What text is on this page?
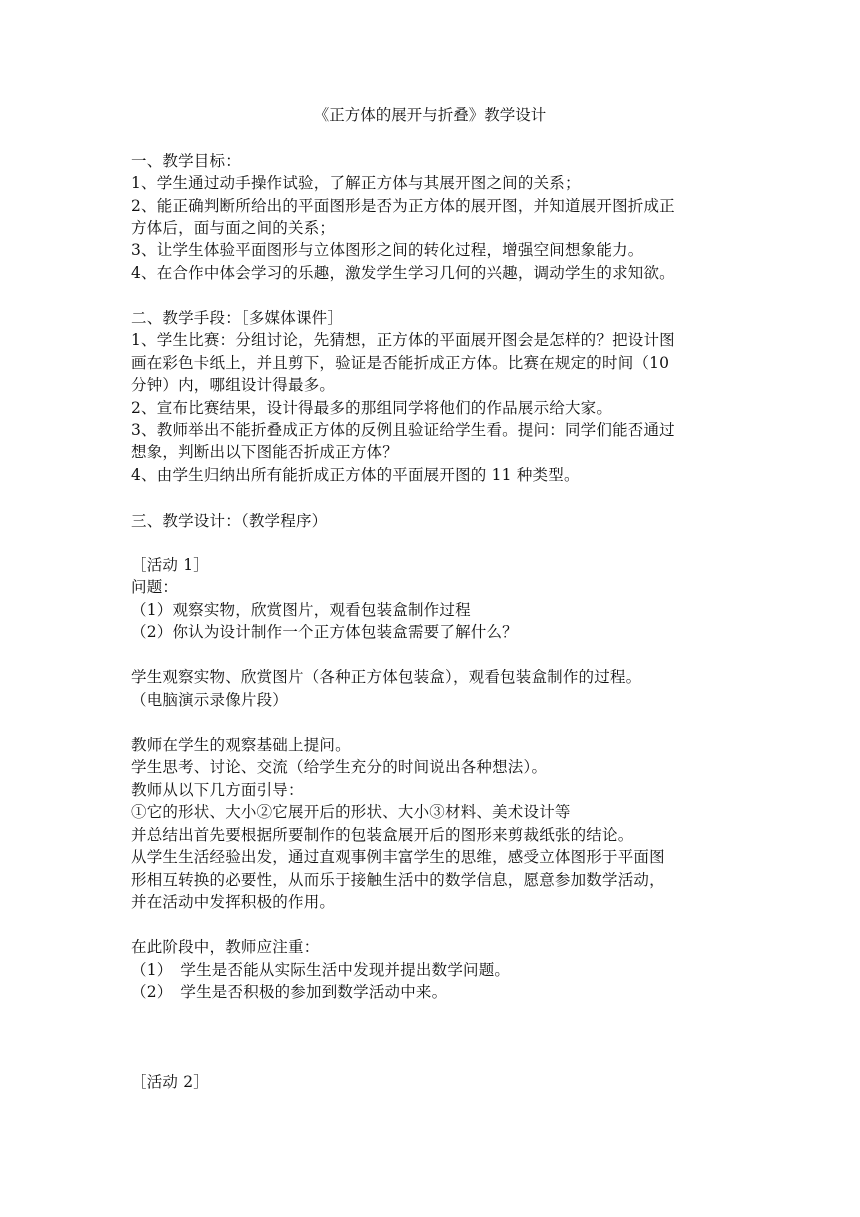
《正方体的展开与折叠》教学设计
一、教学目标：
1、学生通过动手操作试验，了解正方体与其展开图之间的关系；
2、能正确判断所给出的平面图形是否为正方体的展开图，并知道展开图折成正
方体后，面与面之间的关系；
3、让学生体验平面图形与立体图形之间的转化过程，增强空间想象能力。
4、在合作中体会学习的乐趣，激发学生学习几何的兴趣，调动学生的求知欲。
二、教学手段：［多媒体课件］
1、学生比赛：分组讨论，先猜想，正方体的平面展开图会是怎样的？把设计图
画在彩色卡纸上，并且剪下，验证是否能折成正方体。比赛在规定的时间（10
分钟）内，哪组设计得最多。
2、宣布比赛结果，设计得最多的那组同学将他们的作品展示给大家。
3、教师举出不能折叠成正方体的反例且验证给学生看。提问：同学们能否通过
想象，判断出以下图能否折成正方体？
4、由学生归纳出所有能折成正方体的平面展开图的 11 种类型。
三、教学设计：（教学程序）
［活动 1］
问题：
（1）观察实物，欣赏图片，观看包装盒制作过程
（2）你认为设计制作一个正方体包装盒需要了解什么？
学生观察实物、欣赏图片（各种正方体包装盒），观看包装盒制作的过程。
（电脑演示录像片段）
教师在学生的观察基础上提问。
学生思考、讨论、交流（给学生充分的时间说出各种想法）。
教师从以下几方面引导：
①它的形状、大小②它展开后的形状、大小③材料、美术设计等
并总结出首先要根据所要制作的包装盒展开后的图形来剪裁纸张的结论。
从学生生活经验出发，通过直观事例丰富学生的思维，感受立体图形于平面图
形相互转换的必要性，从而乐于接触生活中的数学信息，愿意参加数学活动，
并在活动中发挥积极的作用。
在此阶段中，教师应注重：
（1）　学生是否能从实际生活中发现并提出数学问题。
（2）　学生是否积极的参加到数学活动中来。
［活动 2］
